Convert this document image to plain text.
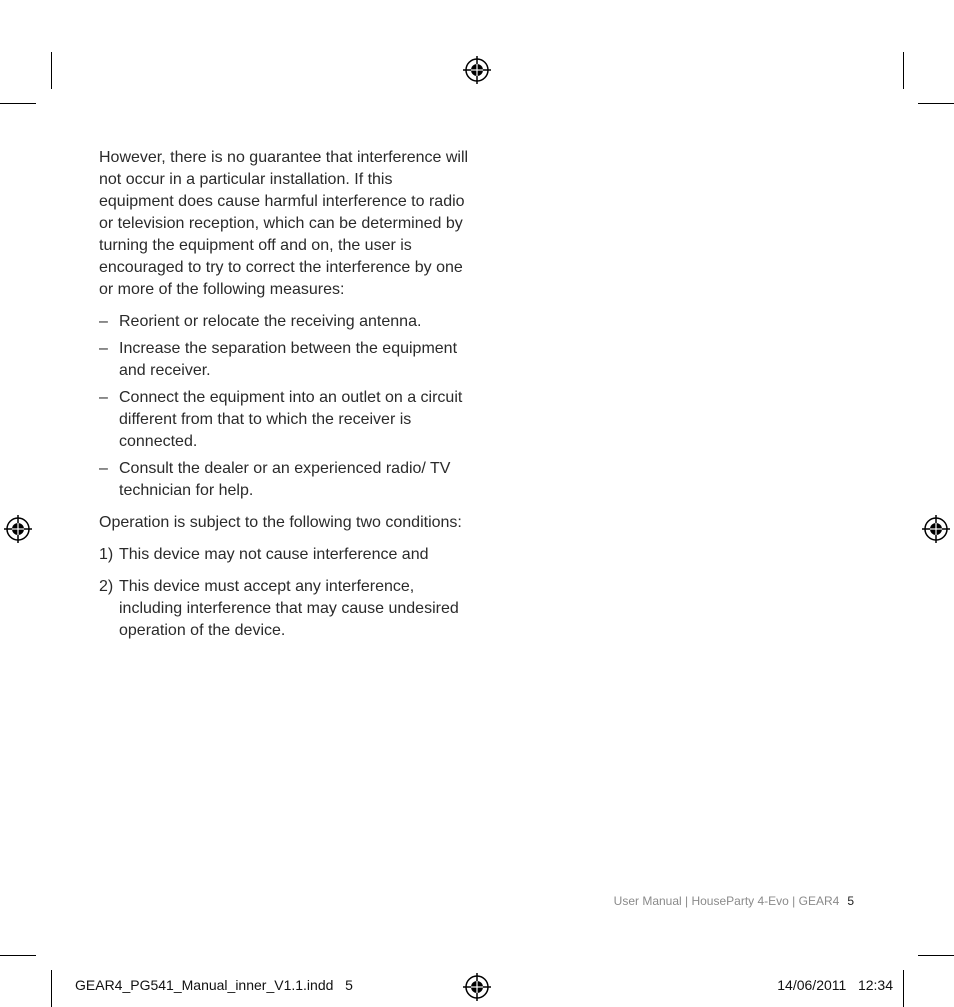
However, there is no guarantee that interference will not occur in a particular installation. If this equipment does cause harmful interference to radio or television reception, which can be determined by turning the equipment off and on, the user is encouraged to try to correct the interference by one or more of the following measures:

– Reorient or relocate the receiving antenna.
– Increase the separation between the equipment and receiver.
– Connect the equipment into an outlet on a circuit different from that to which the receiver is connected.
– Consult the dealer or an experienced radio/ TV technician for help.

Operation is subject to the following two conditions:

1) This device may not cause interference and
2) This device must accept any interference, including interference that may cause undesired operation of the device.
User Manual | HouseParty 4-Evo | GEAR4 5
GEAR4_PG541_Manual_inner_V1.1.indd   5	14/06/2011   12:34
